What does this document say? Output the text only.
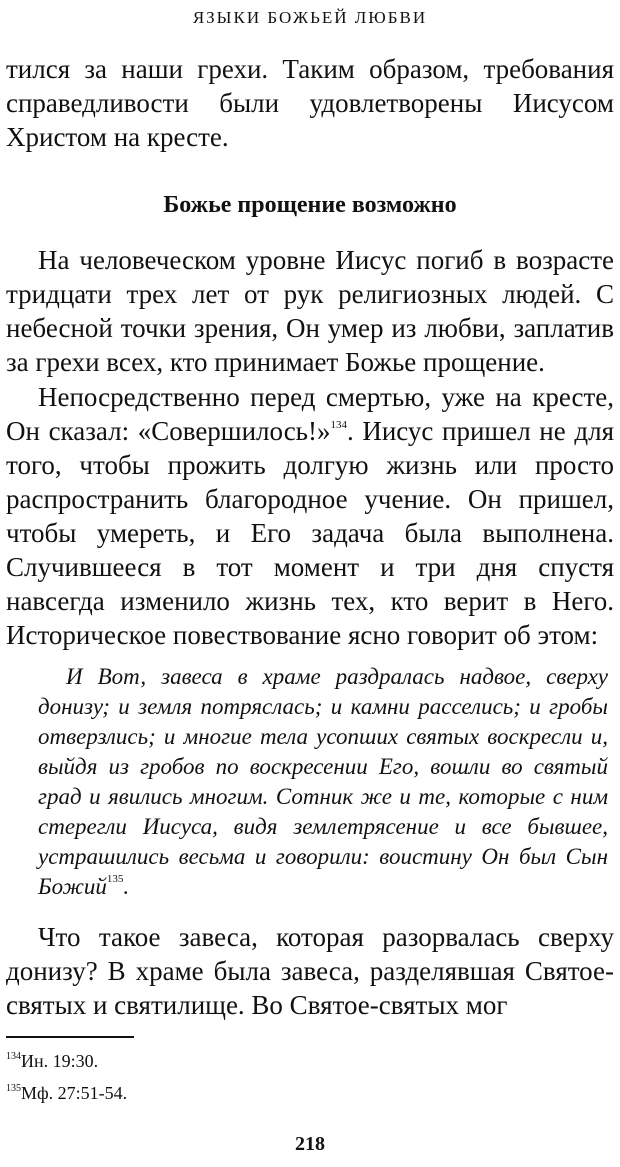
ЯЗЫКИ БОЖЬЕЙ ЛЮБВИ
тился за наши грехи. Таким образом, требования справедливости были удовлетворены Иисусом Христом на кресте.
Божье прощение возможно
На человеческом уровне Иисус погиб в возрасте тридцати трех лет от рук религиозных людей. С небесной точки зрения, Он умер из любви, заплатив за грехи всех, кто принимает Божье прощение.
Непосредственно перед смертью, уже на кресте, Он сказал: «Совершилось!»$^{134}$. Иисус пришел не для того, чтобы прожить долгую жизнь или просто распространить благородное учение. Он пришел, чтобы умереть, и Его задача была выполнена. Случившееся в тот момент и три дня спустя навсегда изменило жизнь тех, кто верит в Него. Историческое повествование ясно говорит об этом:
И Вот, завеса в храме раздралась надвое, сверху донизу; и земля потряслась; и камни расселись; и гробы отверзлись; и многие тела усопших святых воскресли и, выйдя из гробов по воскресении Его, вошли во святый град и явились многим. Сотник же и те, которые с ним стерегли Иисуса, видя землетрясение и все бывшее, устрашились весьма и говорили: воистину Он был Сын Божий$^{135}$.
Что такое завеса, которая разорвалась сверху донизу? В храме была завеса, разделявшая Святое-святых и святилище. Во Святое-святых мог
$^{134}$Ин. 19:30.
$^{135}$Мф. 27:51-54.
218
